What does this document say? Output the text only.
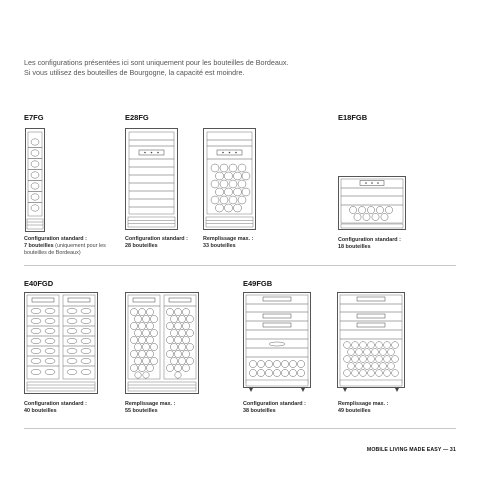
Les configurations présentées ici sont uniquement pour les bouteilles de Bordeaux.
Si vous utilisez des bouteilles de Bourgogne, la capacité est moindre.
E7FG	E28FG	E18FGB
E40FGD	E49FGB
Configuration standard :
7 bouteilles (uniquement pour les
bouteilles de Bordeaux)
Configuration standard :
28 bouteilles
Remplissage max. :
33 bouteilles
Configuration standard :
18 bouteilles
Configuration standard :
40 bouteilles
Remplissage max. :
55 bouteilles
Configuration standard :
38 bouteilles
Remplissage max. :
49 bouteilles
MOBILE LIVING MADE EASY — 31
